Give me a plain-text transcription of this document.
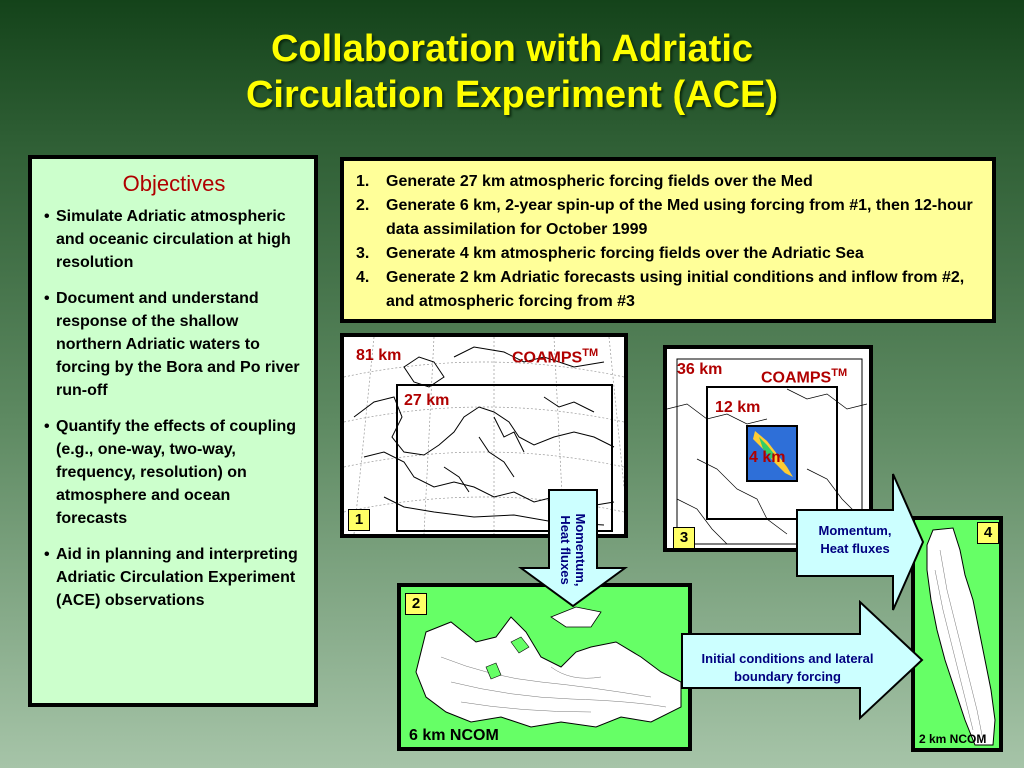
Collaboration with Adriatic
Circulation Experiment (ACE)
Objectives
• Simulate Adriatic atmospheric and oceanic circulation at high resolution
• Document and understand response of the shallow northern Adriatic waters to forcing by the Bora and Po river run-off
• Quantify the effects of coupling (e.g., one-way, two-way, frequency, resolution) on atmosphere and ocean forecasts
• Aid in planning and interpreting Adriatic Circulation Experiment (ACE) observations
1. Generate 27 km atmospheric forcing fields over the Med
2. Generate 6 km, 2-year spin-up of the Med using forcing from #1, then 12-hour data assimilation for October 1999
3. Generate 4 km atmospheric forcing fields over the Adriatic Sea
4. Generate 2 km Adriatic forecasts using initial conditions and inflow from #2, and atmospheric forcing from #3
81 km	COAMPS™
27 km
1
36 km COAMPS™
12 km
4 km
3
2
6 km NCOM
4
2 km NCOM
Momentum, Heat fluxes	Momentum, Heat fluxes
Initial conditions and lateral boundary forcing
